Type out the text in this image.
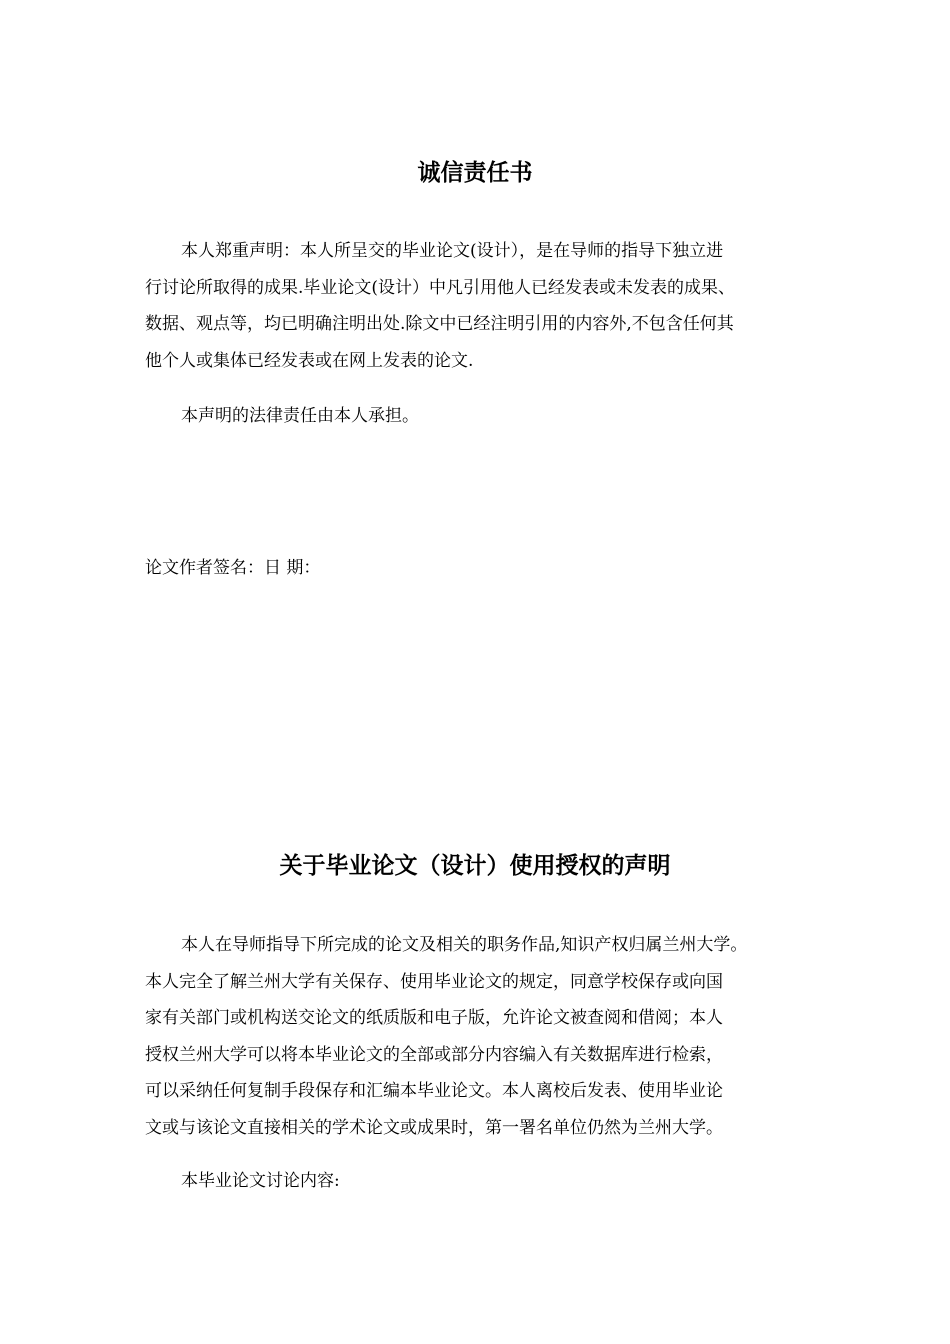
诚信责任书
本人郑重声明：本人所呈交的毕业论文(设计），是在导师的指导下独立进
行讨论所取得的成果.毕业论文(设计）中凡引用他人已经发表或未发表的成果、
数据、观点等，均已明确注明出处.除文中已经注明引用的内容外,不包含任何其
他个人或集体已经发表或在网上发表的论文.
本声明的法律责任由本人承担。
论文作者签名：日 期：
关于毕业论文（设计）使用授权的声明
本人在导师指导下所完成的论文及相关的职务作品,知识产权归属兰州大学。
本人完全了解兰州大学有关保存、使用毕业论文的规定，同意学校保存或向国
家有关部门或机构送交论文的纸质版和电子版，允许论文被查阅和借阅；本人
授权兰州大学可以将本毕业论文的全部或部分内容编入有关数据库进行检索，
可以采纳任何复制手段保存和汇编本毕业论文。本人离校后发表、使用毕业论
文或与该论文直接相关的学术论文或成果时，第一署名单位仍然为兰州大学。
本毕业论文讨论内容:
